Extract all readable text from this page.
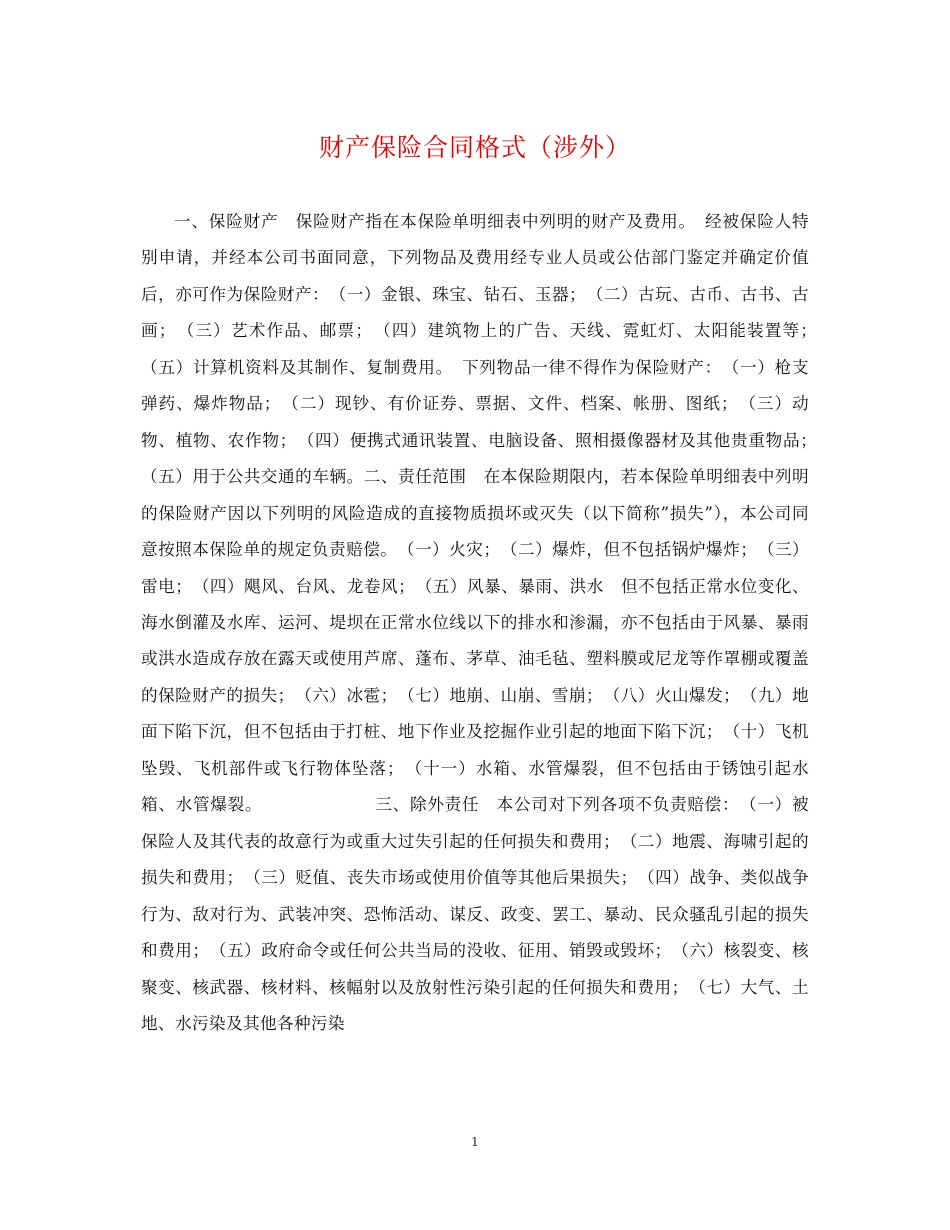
财产保险合同格式（涉外）

一、保险财产　保险财产指在本保险单明细表中列明的财产及费用。　经被保险人特别申请，并经本公司书面同意，下列物品及费用经专业人员或公估部门鉴定并确定价值后，亦可作为保险财产：　（一）金银、珠宝、钻石、玉器；　（二）古玩、古币、古书、古画；　（三）艺术作品、邮票；　（四）建筑物上的广告、天线、霓虹灯、太阳能装置等；　（五）计算机资料及其制作、复制费用。　下列物品一律不得作为保险财产：　（一）枪支弹药、爆炸物品；　（二）现钞、有价证券、票据、文件、档案、帐册、图纸；　（三）动物、植物、农作物；　（四）便携式通讯装置、电脑设备、照相摄像器材及其他贵重物品；　（五）用于公共交通的车辆。二、责任范围　在本保险期限内，若本保险单明细表中列明的保险财产因以下列明的风险造成的直接物质损坏或灭失（以下简称”损失”），本公司同意按照本保险单的规定负责赔偿。　（一）火灾；　（二）爆炸，但不包括锅炉爆炸；　（三）雷电；　（四）飓风、台风、龙卷风；　（五）风暴、暴雨、洪水　但不包括正常水位变化、海水倒灌及水库、运河、堤坝在正常水位线以下的排水和渗漏，亦不包括由于风暴、暴雨或洪水造成存放在露天或使用芦席、蓬布、茅草、油毛毡、塑料膜或尼龙等作罩棚或覆盖的保险财产的损失；　（六）冰雹；　（七）地崩、山崩、雪崩；　（八）火山爆发；　（九）地面下陷下沉，但不包括由于打桩、地下作业及挖掘作业引起的地面下陷下沉；　（十）飞机坠毁、飞机部件或飞行物体坠落；　（十一）水箱、水管爆裂，但不包括由于锈蚀引起水箱、水管爆裂。　　　　　　　三、除外责任　本公司对下列各项不负责赔偿：　（一）被保险人及其代表的故意行为或重大过失引起的任何损失和费用；　（二）地震、海啸引起的损失和费用；　（三）贬值、丧失市场或使用价值等其他后果损失；　（四）战争、类似战争行为、敌对行为、武装冲突、恐怖活动、谋反、政变、罢工、暴动、民众骚乱引起的损失和费用；　（五）政府命令或任何公共当局的没收、征用、销毁或毁坏；　（六）核裂变、核聚变、核武器、核材料、核幅射以及放射性污染引起的任何损失和费用；　（七）大气、土地、水污染及其他各种污染

1
